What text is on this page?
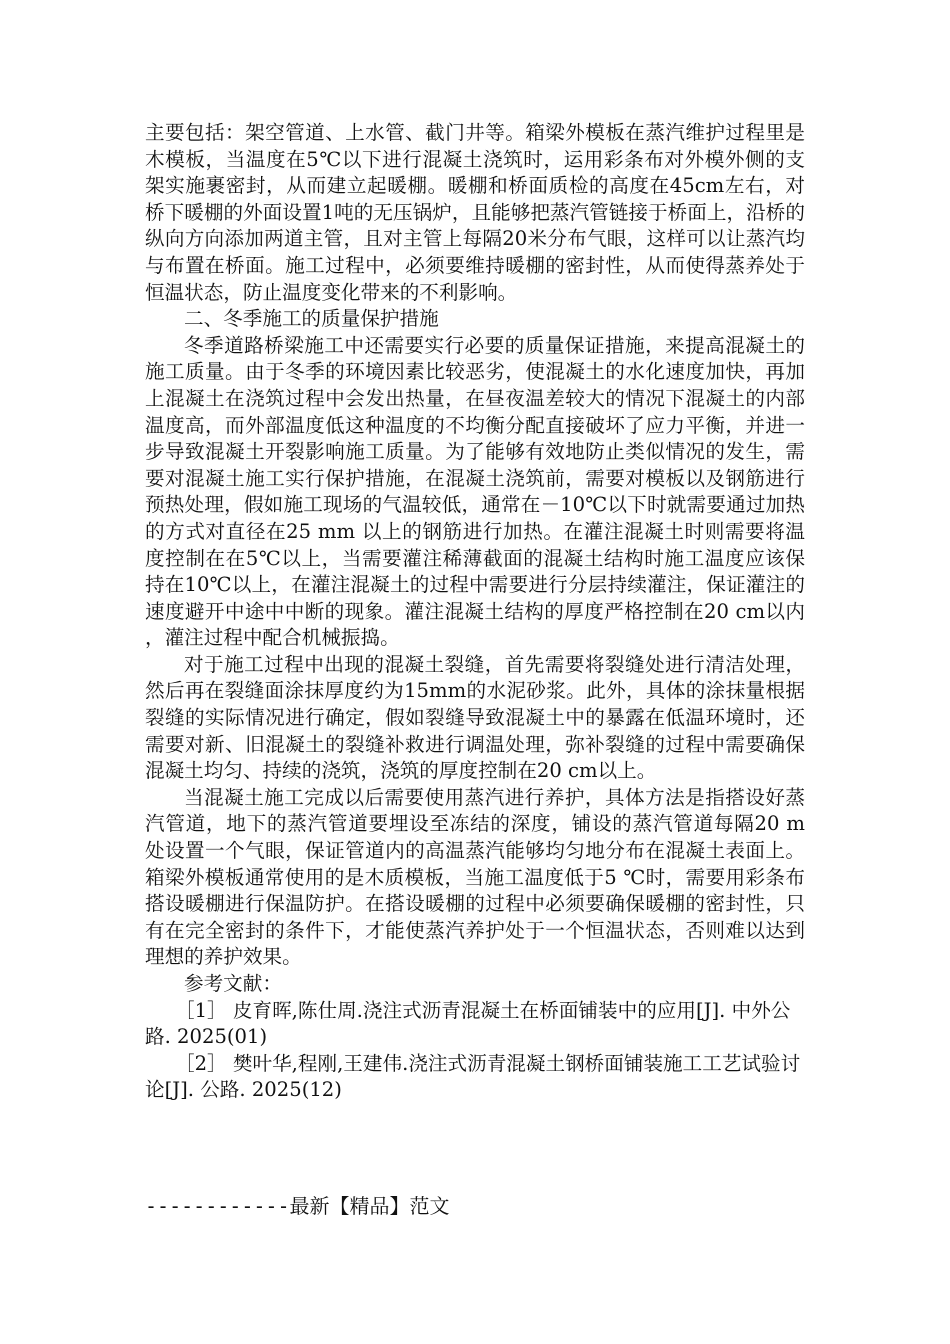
主要包括：架空管道、上水管、截门井等。箱梁外模板在蒸汽维护过程里是木模板，当温度在5℃以下进行混凝土浇筑时，运用彩条布对外模外侧的支架实施裹密封，从而建立起暖棚。暖棚和桥面质检的高度在45cm左右，对桥下暖棚的外面设置1吨的无压锅炉，且能够把蒸汽管链接于桥面上，沿桥的纵向方向添加两道主管，且对主管上每隔20米分布气眼，这样可以让蒸汽均与布置在桥面。施工过程中，必须要维持暖棚的密封性，从而使得蒸养处于恒温状态，防止温度变化带来的不利影响。

二、冬季施工的质量保护措施

冬季道路桥梁施工中还需要实行必要的质量保证措施，来提高混凝土的施工质量。由于冬季的环境因素比较恶劣，使混凝土的水化速度加快，再加上混凝土在浇筑过程中会发出热量，在昼夜温差较大的情况下混凝土的内部温度高，而外部温度低这种温度的不均衡分配直接破坏了应力平衡，并进一步导致混凝土开裂影响施工质量。为了能够有效地防止类似情况的发生，需要对混凝土施工实行保护措施，在混凝土浇筑前，需要对模板以及钢筋进行预热处理，假如施工现场的气温较低，通常在－10℃以下时就需要通过加热的方式对直径在25 mm 以上的钢筋进行加热。在灌注混凝土时则需要将温度控制在在5℃以上，当需要灌注稀薄截面的混凝土结构时施工温度应该保持在10℃以上，在灌注混凝土的过程中需要进行分层持续灌注，保证灌注的速度避开中途中中断的现象。灌注混凝土结构的厚度严格控制在20 cm以内，灌注过程中配合机械振捣。

对于施工过程中出现的混凝土裂缝，首先需要将裂缝处进行清洁处理，然后再在裂缝面涂抹厚度约为15mm的水泥砂浆。此外，具体的涂抹量根据裂缝的实际情况进行确定，假如裂缝导致混凝土中的暴露在低温环境时，还需要对新、旧混凝土的裂缝补救进行调温处理，弥补裂缝的过程中需要确保混凝土均匀、持续的浇筑，浇筑的厚度控制在20 cm以上。

当混凝土施工完成以后需要使用蒸汽进行养护，具体方法是指搭设好蒸汽管道，地下的蒸汽管道要埋设至冻结的深度，铺设的蒸汽管道每隔20 m 处设置一个气眼，保证管道内的高温蒸汽能够均匀地分布在混凝土表面上。箱梁外模板通常使用的是木质模板，当施工温度低于5 ℃时，需要用彩条布搭设暖棚进行保温防护。在搭设暖棚的过程中必须要确保暖棚的密封性，只有在完全密封的条件下，才能使蒸汽养护处于一个恒温状态，否则难以达到理想的养护效果。

参考文献：

［1］ 皮育晖,陈仕周.浇注式沥青混凝土在桥面铺装中的应用[J]. 中外公路. 2025(01)
［2］ 樊叶华,程刚,王建伟.浇注式沥青混凝土钢桥面铺装施工工艺试验讨论[J]. 公路. 2025(12)
------------最新【精品】范文
